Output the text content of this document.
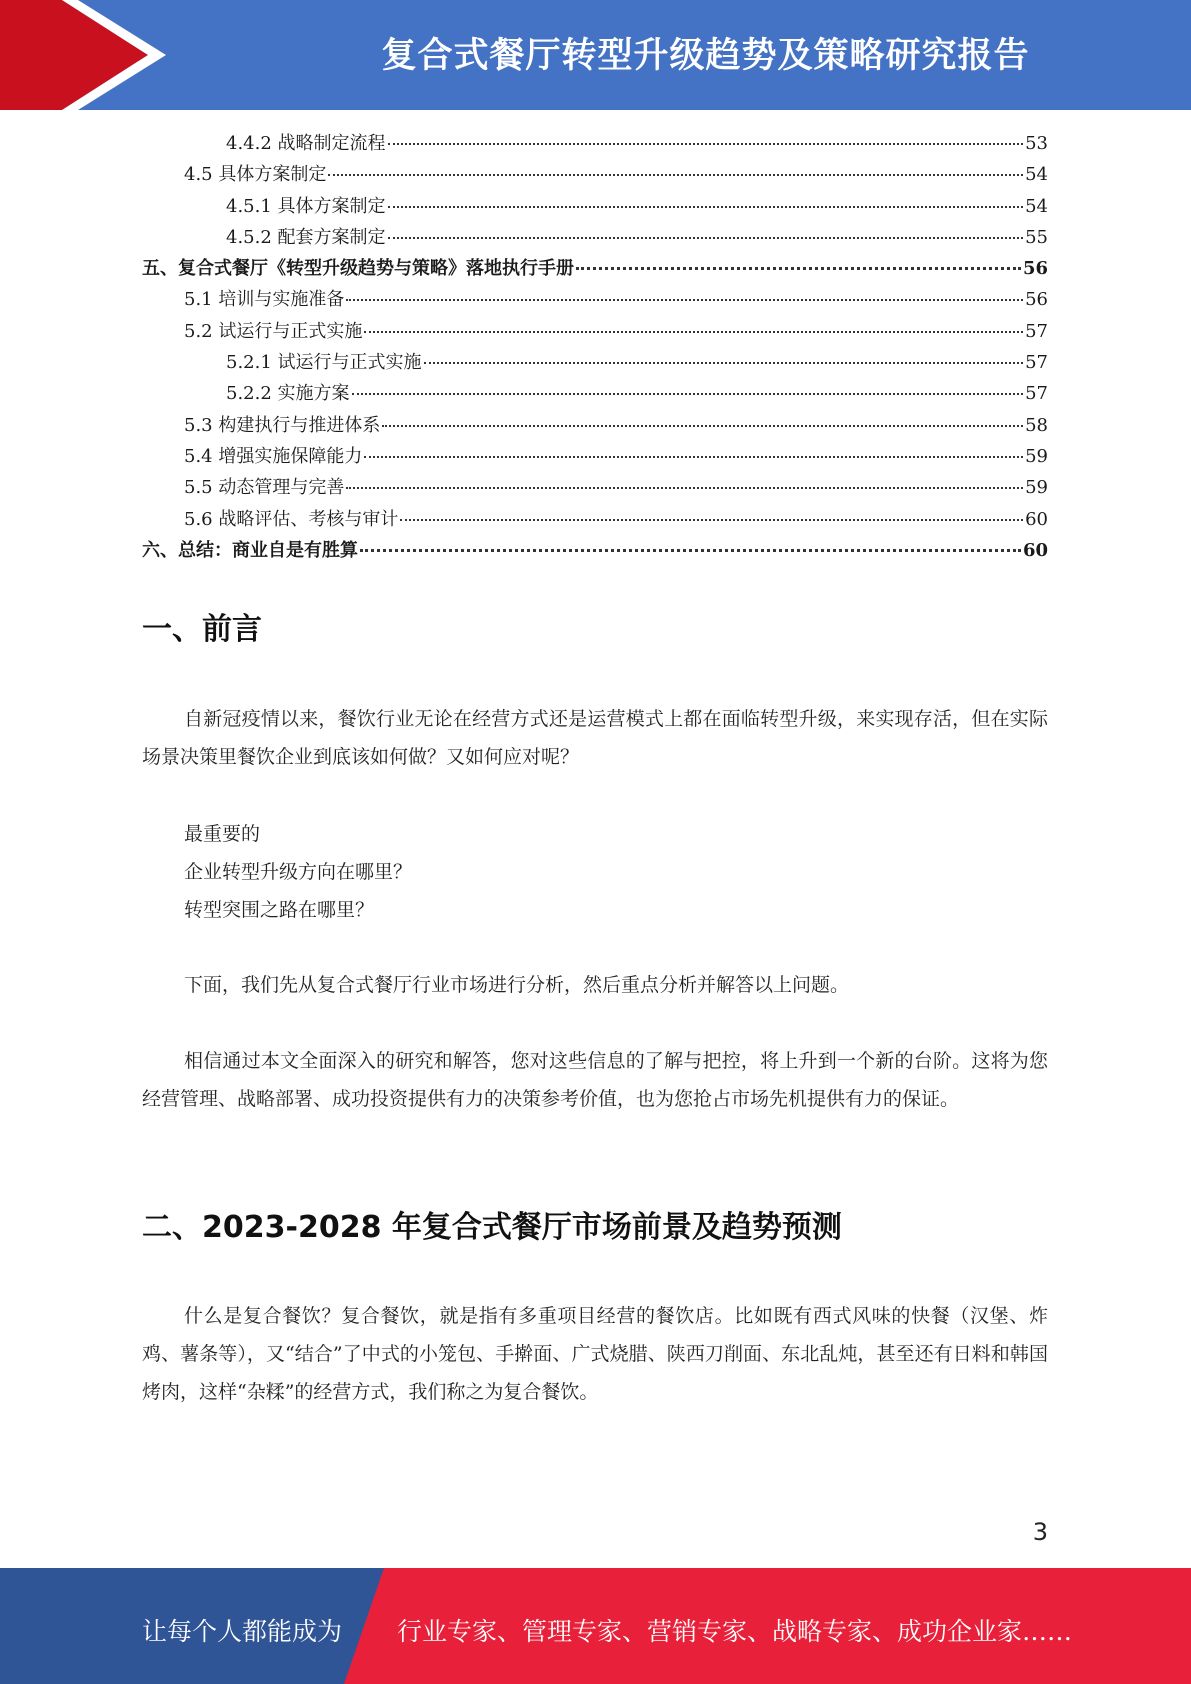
复合式餐厅转型升级趋势及策略研究报告
4.4.2 战略制定流程	53
4.5 具体方案制定	54
4.5.1 具体方案制定	54
4.5.2 配套方案制定	55
五、复合式餐厅《转型升级趋势与策略》落地执行手册	56
5.1 培训与实施准备	56
5.2 试运行与正式实施	57
5.2.1 试运行与正式实施	57
5.2.2 实施方案	57
5.3 构建执行与推进体系	58
5.4 增强实施保障能力	59
5.5 动态管理与完善	59
5.6 战略评估、考核与审计	60
六、总结：商业自是有胜算	60
一、前言
自新冠疫情以来，餐饮行业无论在经营方式还是运营模式上都在面临转型升级，来实现存活，但在实际场景决策里餐饮企业到底该如何做？又如何应对呢？
最重要的
企业转型升级方向在哪里？
转型突围之路在哪里？
下面，我们先从复合式餐厅行业市场进行分析，然后重点分析并解答以上问题。
相信通过本文全面深入的研究和解答，您对这些信息的了解与把控，将上升到一个新的台阶。这将为您经营管理、战略部署、成功投资提供有力的决策参考价值，也为您抢占市场先机提供有力的保证。
二、2023-2028 年复合式餐厅市场前景及趋势预测
什么是复合餐饮？复合餐饮，就是指有多重项目经营的餐饮店。比如既有西式风味的快餐（汉堡、炸鸡、薯条等），又“结合”了中式的小笼包、手擀面、广式烧腊、陕西刀削面、东北乱炖，甚至还有日料和韩国烤肉，这样“杂糅”的经营方式，我们称之为复合餐饮。
3
让每个人都能成为 行业专家、管理专家、营销专家、战略专家、成功企业家……
